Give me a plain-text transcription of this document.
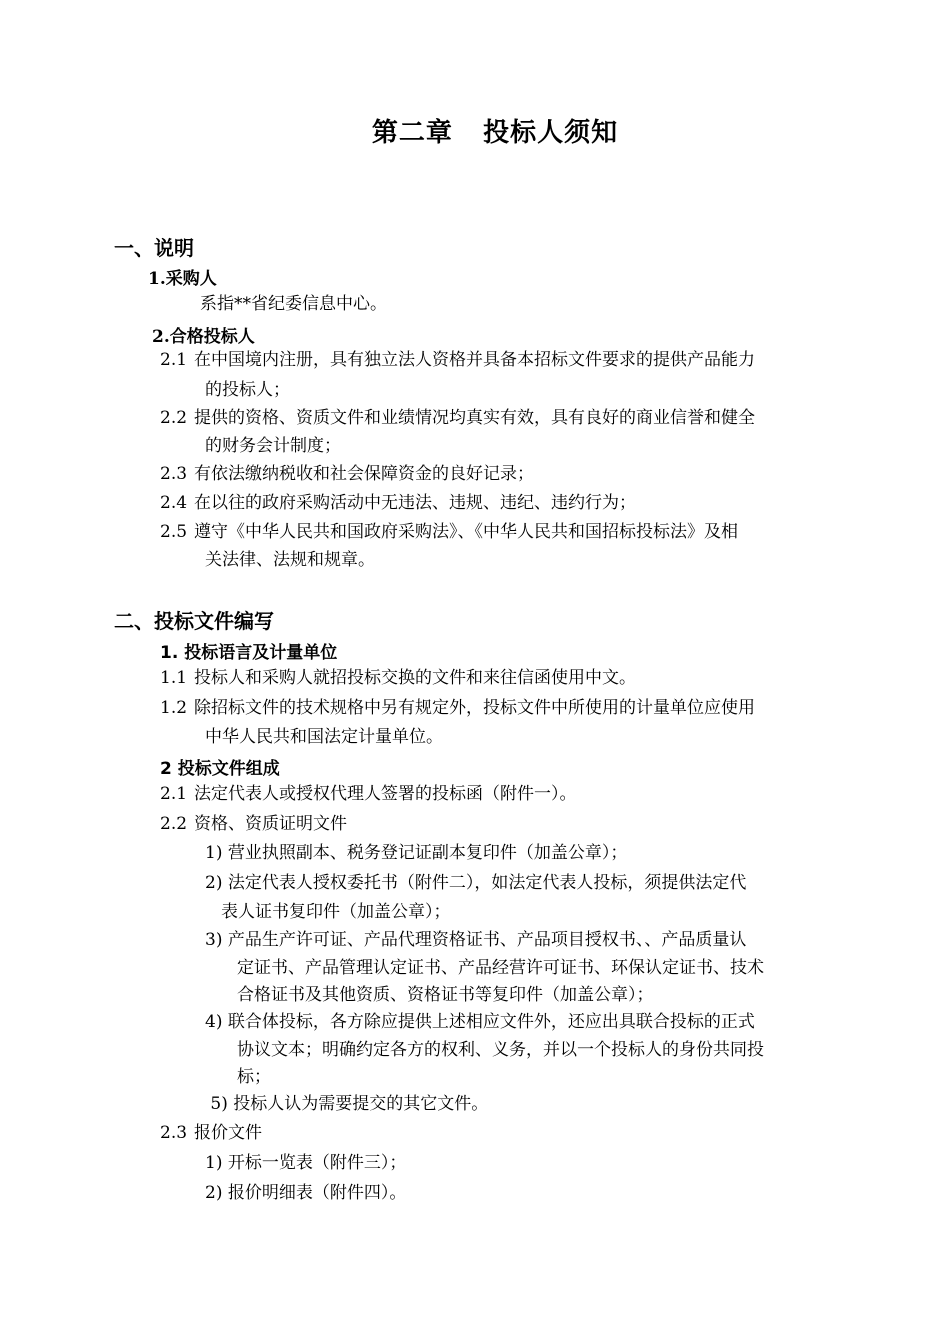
第二章   投标人须知
一、说明
1.采购人
系指**省纪委信息中心。
2.合格投标人
2.1 在中国境内注册，具有独立法人资格并具备本招标文件要求的提供产品能力
的投标人；
2.2 提供的资格、资质文件和业绩情况均真实有效，具有良好的商业信誉和健全
的财务会计制度；
2.3 有依法缴纳税收和社会保障资金的良好记录；
2.4 在以往的政府采购活动中无违法、违规、违纪、违约行为；
2.5 遵守《中华人民共和国政府采购法》、《中华人民共和国招标投标法》及相
关法律、法规和规章。
二、投标文件编写
1. 投标语言及计量单位
1.1 投标人和采购人就招投标交换的文件和来往信函使用中文。
1.2 除招标文件的技术规格中另有规定外，投标文件中所使用的计量单位应使用
中华人民共和国法定计量单位。
2 投标文件组成
2.1 法定代表人或授权代理人签署的投标函（附件一）。
2.2 资格、资质证明文件
1) 营业执照副本、税务登记证副本复印件（加盖公章）；
2) 法定代表人授权委托书（附件二），如法定代表人投标，须提供法定代
表人证书复印件（加盖公章）；
3) 产品生产许可证、产品代理资格证书、产品项目授权书、、产品质量认
定证书、产品管理认定证书、产品经营许可证书、环保认定证书、技术
合格证书及其他资质、资格证书等复印件（加盖公章）；
4) 联合体投标，各方除应提供上述相应文件外，还应出具联合投标的正式
协议文本；明确约定各方的权利、义务，并以一个投标人的身份共同投
标；
5) 投标人认为需要提交的其它文件。
2.3 报价文件
1) 开标一览表（附件三）；
2) 报价明细表（附件四）。
